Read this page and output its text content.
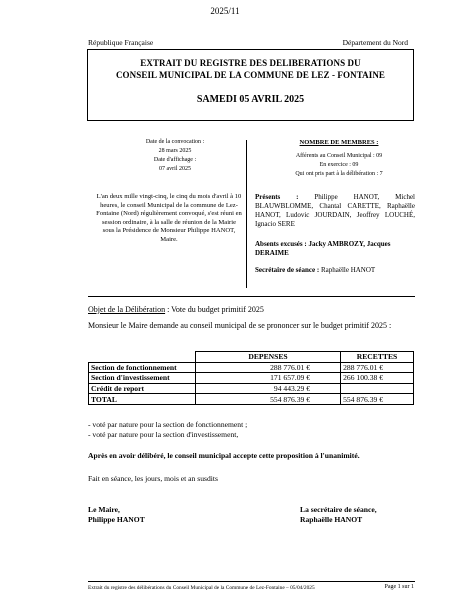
2025/11
République Française	Département du Nord
EXTRAIT DU REGISTRE DES DELIBERATIONS DU
CONSEIL MUNICIPAL DE LA COMMUNE DE LEZ - FONTAINE
SAMEDI 05 AVRIL 2025
Date de la convocation :
28 mars 2025
Date d'affichage :
07 avril 2025
NOMBRE DE MEMBRES :
Afférents au Conseil Municipal : 09
En exercice : 09
Qui ont pris part à la délibération : 7
L'an deux mille vingt-cinq, le cinq du mois d'avril à 10 heures, le conseil Municipal de la commune de Lez-Fontaine (Nord) régulièrement convoqué, s'est réuni en session ordinaire, à la salle de réunion de la Mairie sous la Présidence de Monsieur Philippe HANOT, Maire.
Présents : Philippe HANOT, Michel BLAUWBLOMME, Chantal CARETTE, Raphaëlle HANOT, Ludovic JOURDAIN, Jeoffrey LOUCHÉ, Ignacio SERE
Absents excusés : Jacky AMBROZY, Jacques DERAIME
Secrétaire de séance : Raphaëlle HANOT
Objet de la Délibération : Vote du budget primitif 2025
Monsieur le Maire demande au conseil municipal de se prononcer sur le budget primitif 2025 :
	DEPENSES	RECETTES
Section de fonctionnement	288 776.01 €	288 776.01 €
Section d'investissement	171 657.09 €	266 100.38 €
Crédit de report	94 443.29 €	
TOTAL	554 876.39 €	554 876.39 €
- voté par nature pour la section de fonctionnement ;
- voté par nature pour la section d'investissement,
Après en avoir délibéré, le conseil municipal accepte cette proposition à l'unanimité.
Fait en séance, les jours, mois et an susdits
Le Maire,
Philippe HANOT
La secrétaire de séance,
Raphaëlle HANOT
Extrait du registre des délibérations du Conseil Municipal de la Commune de Lez-Fontaine – 05/04/2025	Page 1 sur 1
